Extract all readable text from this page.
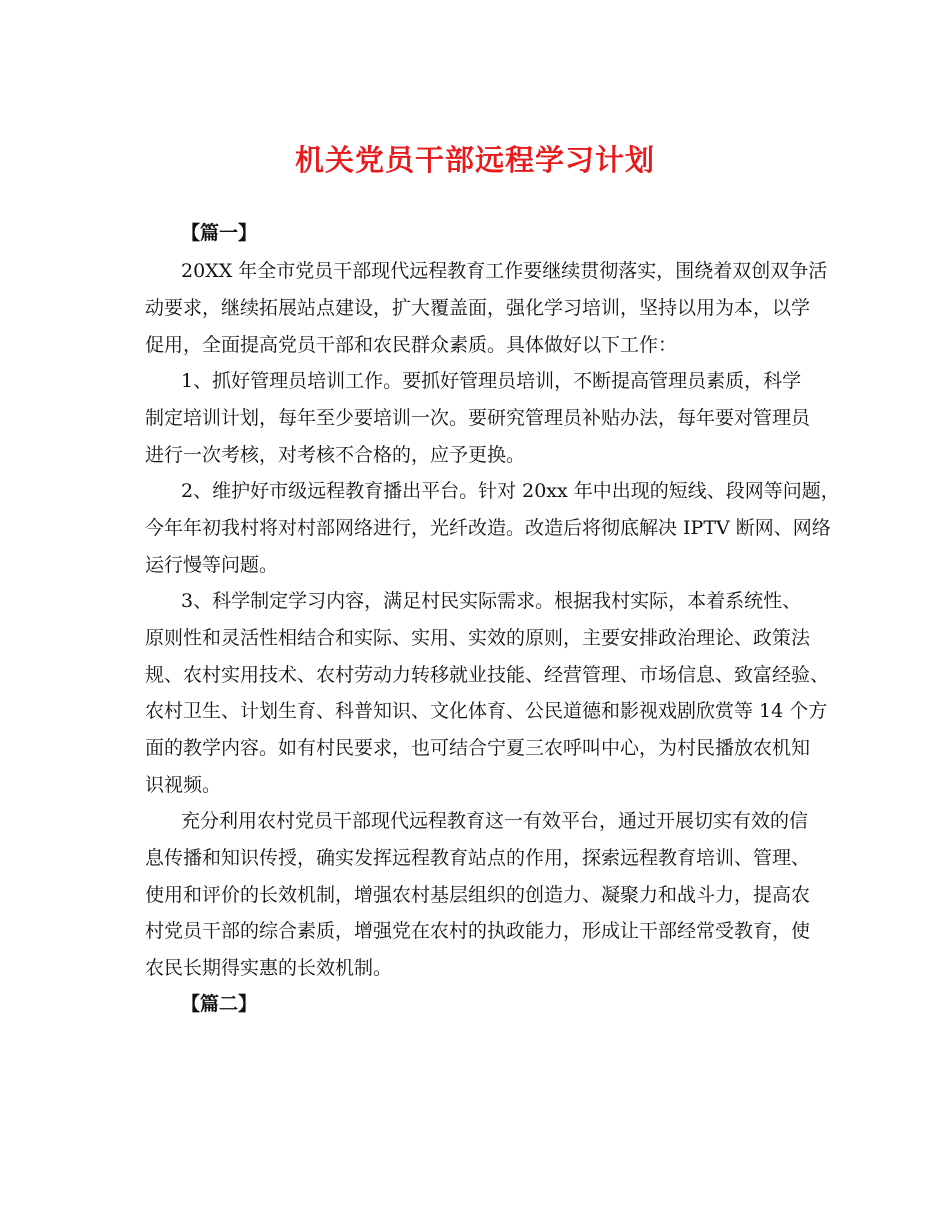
机关党员干部远程学习计划
【篇一】
20XX 年全市党员干部现代远程教育工作要继续贯彻落实，围绕着双创双争活
动要求，继续拓展站点建设，扩大覆盖面，强化学习培训，坚持以用为本，以学
促用，全面提高党员干部和农民群众素质。具体做好以下工作：
1、抓好管理员培训工作。要抓好管理员培训，不断提高管理员素质，科学
制定培训计划，每年至少要培训一次。要研究管理员补贴办法，每年要对管理员
进行一次考核，对考核不合格的，应予更换。
2、维护好市级远程教育播出平台。针对 20xx 年中出现的短线、段网等问题，
今年年初我村将对村部网络进行，光纤改造。改造后将彻底解决 IPTV 断网、网络
运行慢等问题。
3、科学制定学习内容，满足村民实际需求。根据我村实际，本着系统性、
原则性和灵活性相结合和实际、实用、实效的原则，主要安排政治理论、政策法
规、农村实用技术、农村劳动力转移就业技能、经营管理、市场信息、致富经验、
农村卫生、计划生育、科普知识、文化体育、公民道德和影视戏剧欣赏等 14 个方
面的教学内容。如有村民要求，也可结合宁夏三农呼叫中心，为村民播放农机知
识视频。
充分利用农村党员干部现代远程教育这一有效平台，通过开展切实有效的信
息传播和知识传授，确实发挥远程教育站点的作用，探索远程教育培训、管理、
使用和评价的长效机制，增强农村基层组织的创造力、凝聚力和战斗力，提高农
村党员干部的综合素质，增强党在农村的执政能力，形成让干部经常受教育，使
农民长期得实惠的长效机制。
【篇二】
